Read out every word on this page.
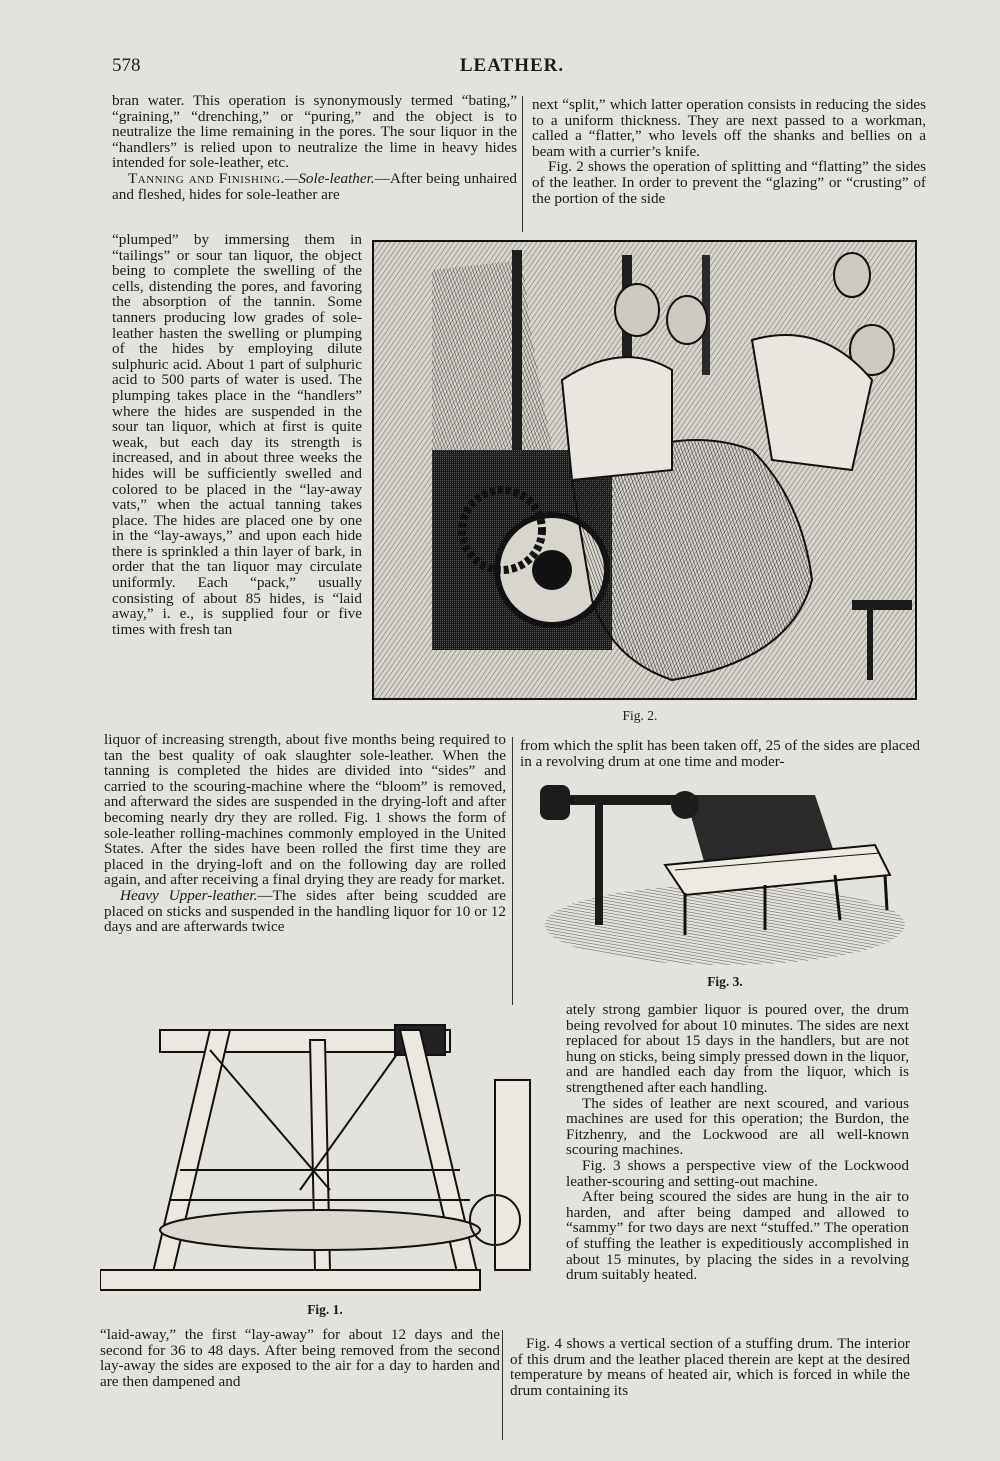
578	LEATHER.

bran water. This operation is synonymously termed “bating,” “graining,” “drenching,” or “puring,” and the object is to neutralize the lime remaining in the pores. The sour liquor in the “handlers” is relied upon to neutralize the lime in heavy hides intended for sole-leather, etc.

Tanning and Finishing.—Sole-leather.—After being unhaired and fleshed, hides for sole-leather are

“plumped” by immersing them in “tailings” or sour tan liquor, the object being to complete the swelling of the cells, distending the pores, and favoring the absorption of the tannin. Some tanners producing low grades of sole-leather hasten the swelling or plumping of the hides by employing dilute sulphuric acid. About 1 part of sulphuric acid to 500 parts of water is used. The plumping takes place in the “handlers” where the hides are suspended in the sour tan liquor, which at first is quite weak, but each day its strength is increased, and in about three weeks the hides will be sufficiently swelled and colored to be placed in the “lay-away vats,” when the actual tanning takes place. The hides are placed one by one in the “lay-aways,” and upon each hide there is sprinkled a thin layer of bark, in order that the tan liquor may circulate uniformly. Each “pack,” usually consisting of about 85 hides, is “laid away,” i. e., is supplied four or five times with fresh tan

liquor of increasing strength, about five months being required to tan the best quality of oak slaughter sole-leather. When the tanning is completed the hides are divided into “sides” and carried to the scouring-machine where the “bloom” is removed, and afterward the sides are suspended in the drying-loft and after becoming nearly dry they are rolled. Fig. 1 shows the form of sole-leather rolling-machines commonly employed in the United States. After the sides have been rolled the first time they are placed in the drying-loft and on the following day are rolled again, and after receiving a final drying they are ready for market.

Heavy Upper-leather.—The sides after being scudded are placed on sticks and suspended in the handling liquor for 10 or 12 days and are afterwards twice

“laid-away,” the first “lay-away” for about 12 days and the second for 36 to 48 days. After being removed from the second lay-away the sides are exposed to the air for a day to harden and are then dampened and

next “split,” which latter operation consists in reducing the sides to a uniform thickness. They are next passed to a workman, called a “flatter,” who levels off the shanks and bellies on a beam with a currier’s knife.

Fig. 2 shows the operation of splitting and “flatting” the sides of the leather. In order to prevent the “glazing” or “crusting” of the portion of the side

from which the split has been taken off, 25 of the sides are placed in a revolving drum at one time and moder-

ately strong gambier liquor is poured over, the drum being revolved for about 10 minutes. The sides are next replaced for about 15 days in the handlers, but are not hung on sticks, being simply pressed down in the liquor, and are handled each day from the liquor, which is strengthened after each handling.

The sides of leather are next scoured, and various machines are used for this operation; the Burdon, the Fitzhenry, and the Lockwood are all well-known scouring machines.

Fig. 3 shows a perspective view of the Lockwood leather-scouring and setting-out machine.

After being scoured the sides are hung in the air to harden, and after being damped and allowed to “sammy” for two days are next “stuffed.” The operation of stuffing the leather is expeditiously accomplished in about 15 minutes, by placing the sides in a revolving drum suitably heated.

Fig. 4 shows a vertical section of a stuffing drum. The interior of this drum and the leather placed therein are kept at the desired temperature by means of heated air, which is forced in while the drum containing its

Fig. 2.
Fig. 3.
Fig. 1.
